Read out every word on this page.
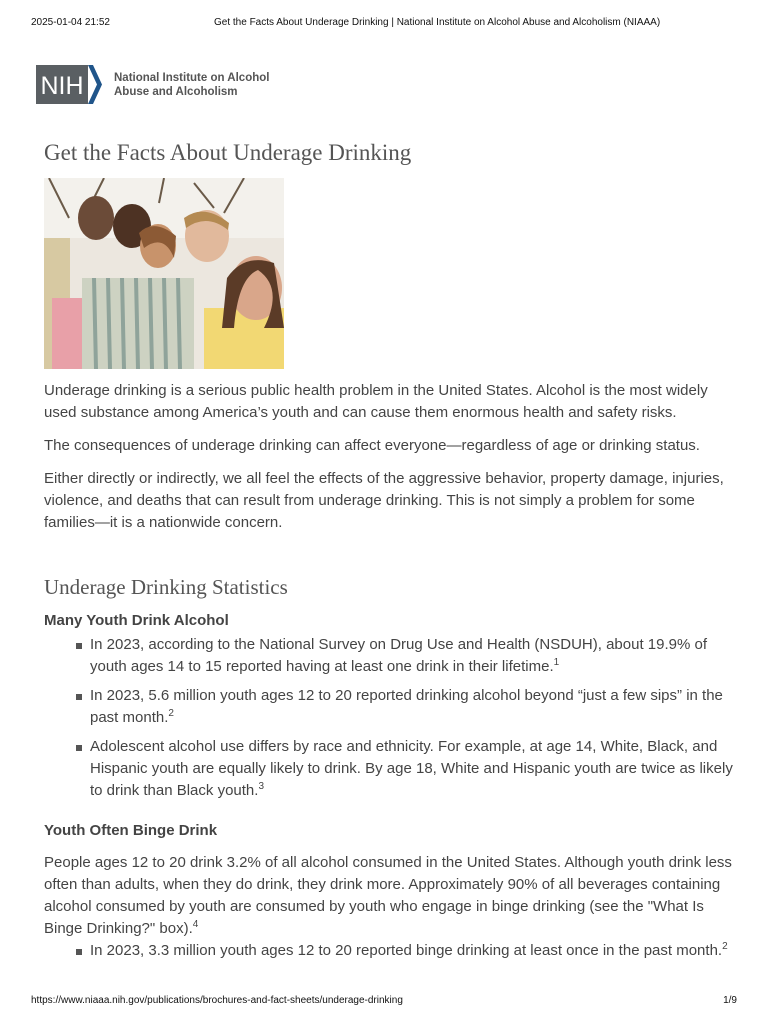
2025-01-04 21:52	Get the Facts About Underage Drinking | National Institute on Alcohol Abuse and Alcoholism (NIAAA)
NIH	National Institute on Alcohol
Abuse and Alcoholism
Get the Facts About Underage Drinking

Underage drinking is a serious public health problem in the United States. Alcohol is the most widely used substance among America’s youth and can cause them enormous health and safety risks.

The consequences of underage drinking can affect everyone—regardless of age or drinking status.

Either directly or indirectly, we all feel the effects of the aggressive behavior, property damage, injuries, violence, and deaths that can result from underage drinking. This is not simply a problem for some families—it is a nationwide concern.

Underage Drinking Statistics
Many Youth Drink Alcohol
In 2023, according to the National Survey on Drug Use and Health (NSDUH), about 19.9% of youth ages 14 to 15 reported having at least one drink in their lifetime.$^1$
In 2023, 5.6 million youth ages 12 to 20 reported drinking alcohol beyond “just a few sips” in the past month.$^2$
Adolescent alcohol use differs by race and ethnicity. For example, at age 14, White, Black, and Hispanic youth are equally likely to drink. By age 18, White and Hispanic youth are twice as likely to drink than Black youth.$^3$
Youth Often Binge Drink

People ages 12 to 20 drink 3.2% of all alcohol consumed in the United States. Although youth drink less often than adults, when they do drink, they drink more. Approximately 90% of all beverages containing alcohol consumed by youth are consumed by youth who engage in binge drinking (see the "What Is Binge Drinking?" box).$^4$

In 2023, 3.3 million youth ages 12 to 20 reported binge drinking at least once in the past month.$^2$
https://www.niaaa.nih.gov/publications/brochures-and-fact-sheets/underage-drinking	1/9
